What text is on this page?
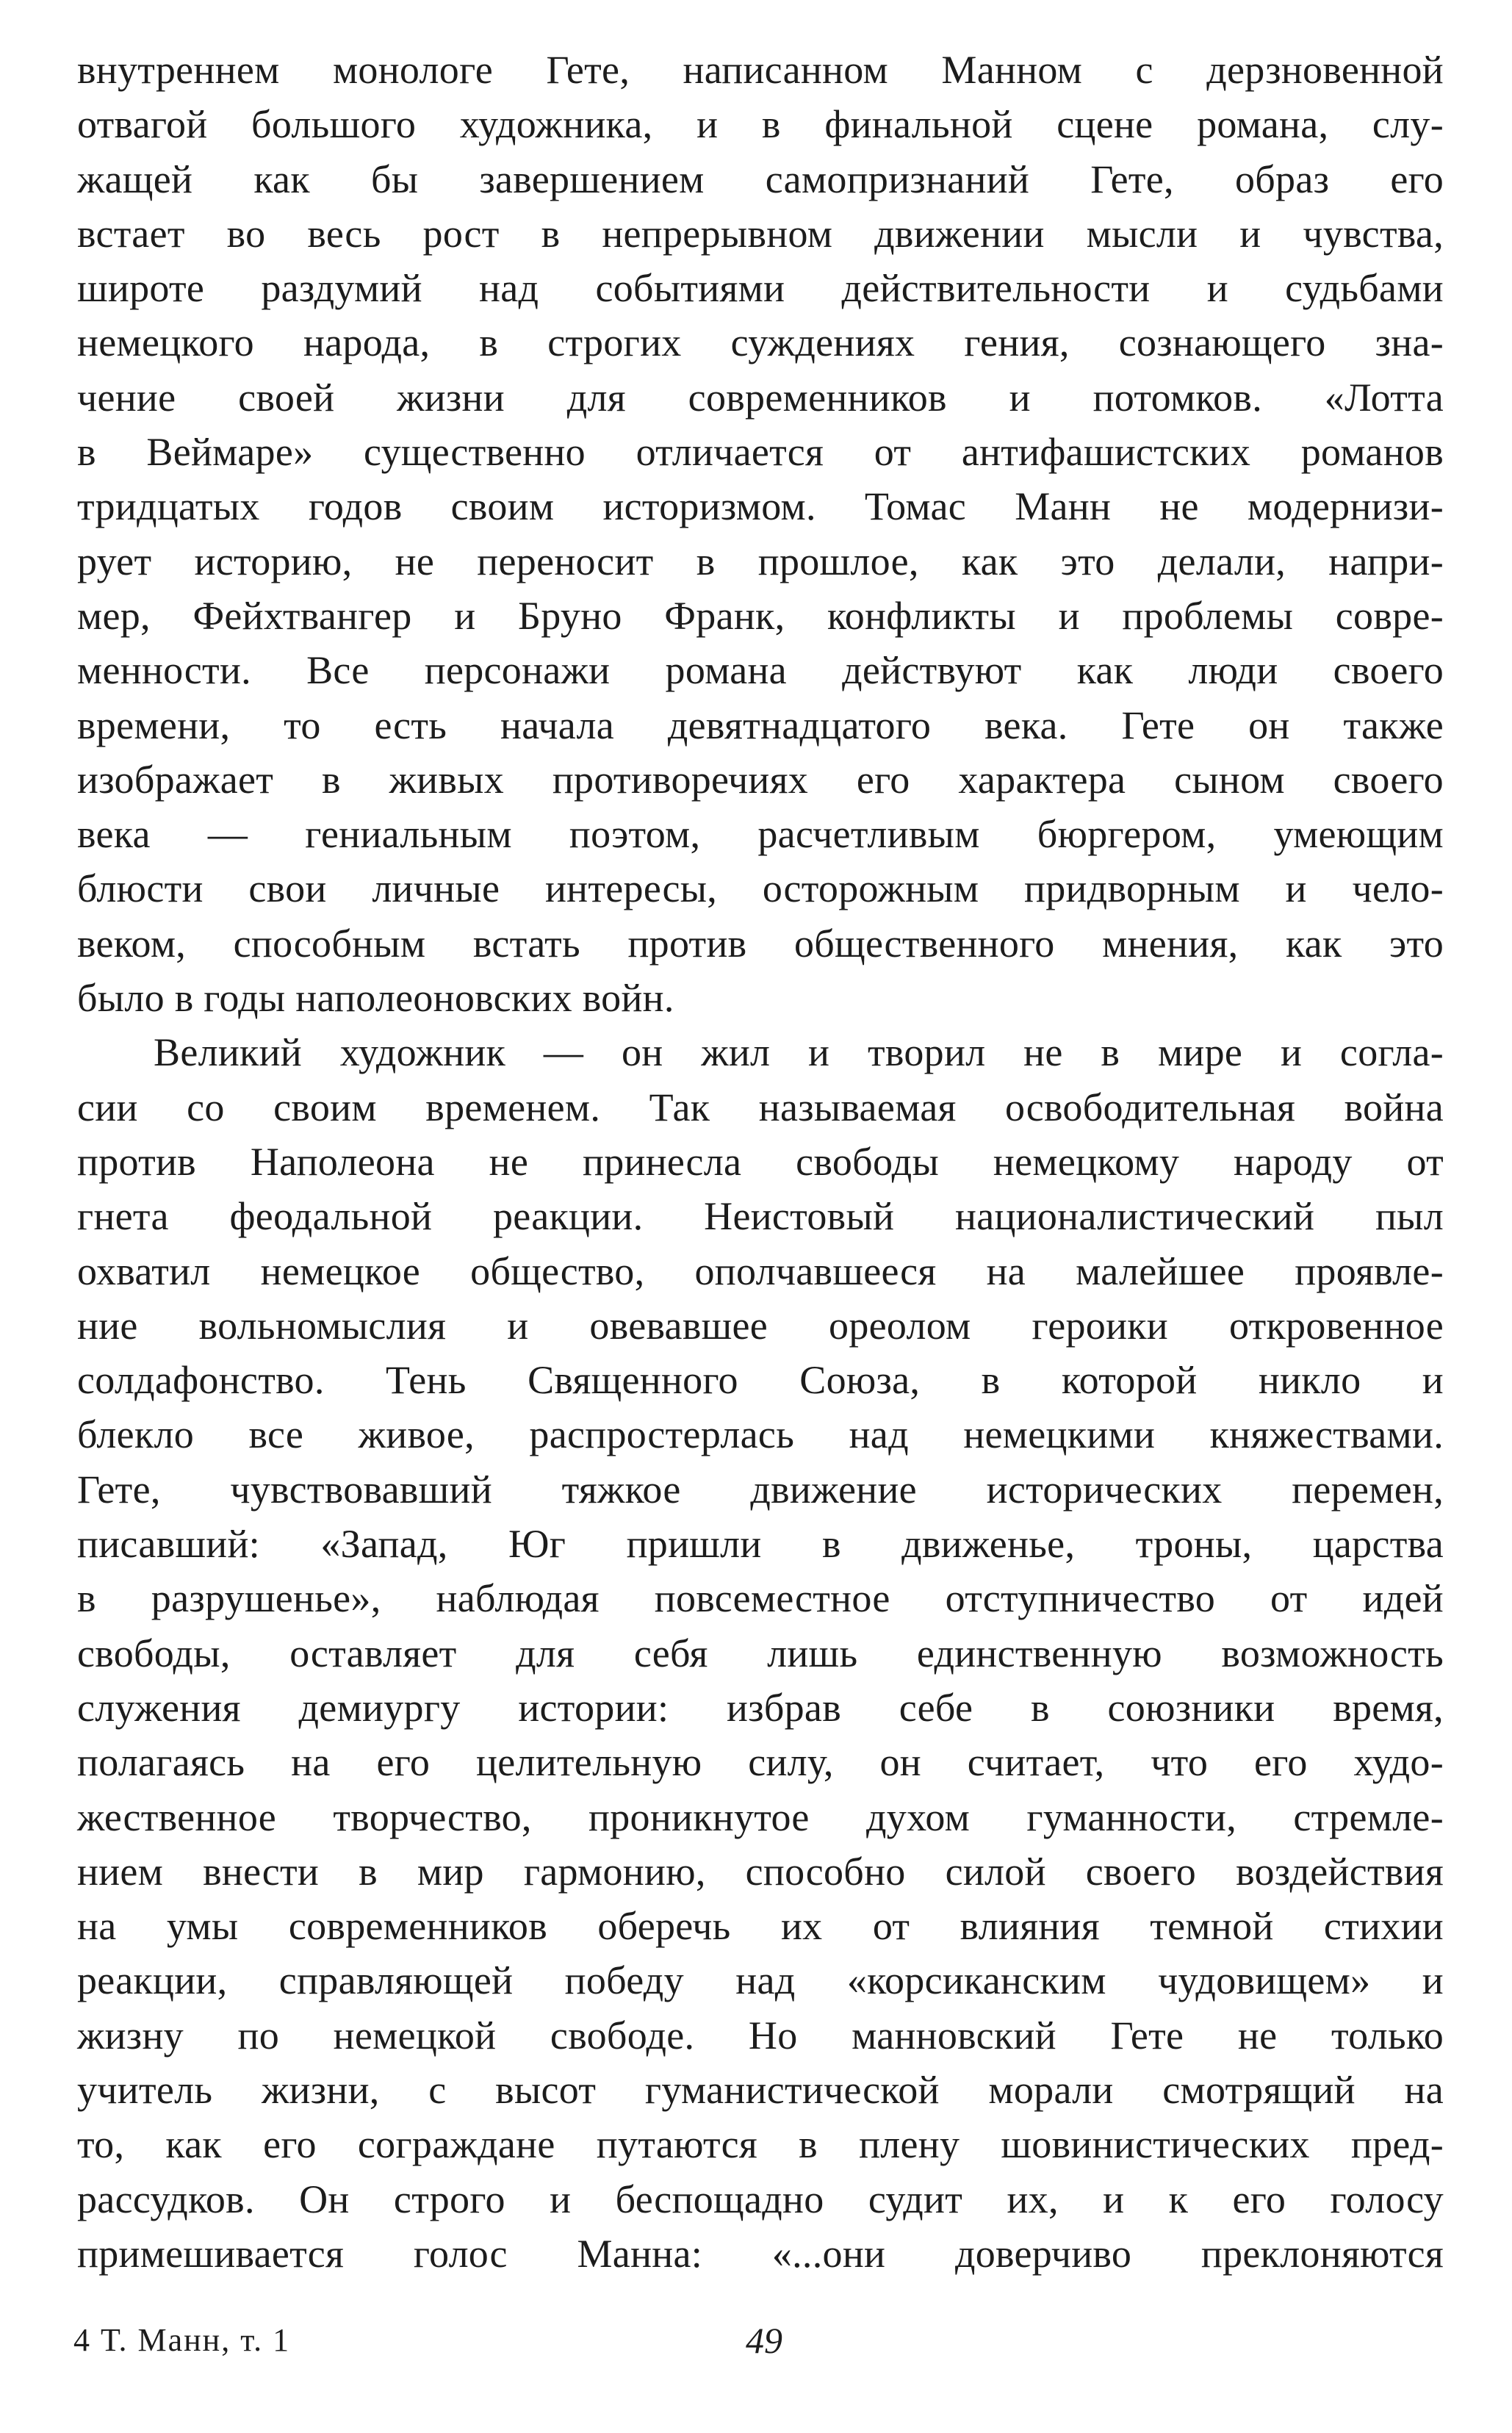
внутреннем монологе Гете, написанном Манном с дерзновенной
отвагой большого художника, и в финальной сцене романа, слу-
жащей как бы завершением самопризнаний Гете, образ его
встает во весь рост в непрерывном движении мысли и чувства,
широте раздумий над событиями действительности и судьбами
немецкого народа, в строгих суждениях гения, сознающего зна-
чение своей жизни для современников и потомков. «Лотта
в Веймаре» существенно отличается от антифашистских романов
тридцатых годов своим историзмом. Томас Манн не модернизи-
рует историю, не переносит в прошлое, как это делали, напри-
мер, Фейхтвангер и Бруно Франк, конфликты и проблемы совре-
менности. Все персонажи романа действуют как люди своего
времени, то есть начала девятнадцатого века. Гете он также
изображает в живых противоречиях его характера сыном своего
века — гениальным поэтом, расчетливым бюргером, умеющим
блюсти свои личные интересы, осторожным придворным и чело-
веком, способным встать против общественного мнения, как это
было в годы наполеоновских войн.
Великий художник — он жил и творил не в мире и согла-
сии со своим временем. Так называемая освободительная война
против Наполеона не принесла свободы немецкому народу от
гнета феодальной реакции. Неистовый националистический пыл
охватил немецкое общество, ополчавшееся на малейшее проявле-
ние вольномыслия и овевавшее ореолом героики откровенное
солдафонство. Тень Священного Союза, в которой никло и
блекло все живое, распростерлась над немецкими княжествами.
Гете, чувствовавший тяжкое движение исторических перемен,
писавший: «Запад, Юг пришли в движенье, троны, царства
в разрушенье», наблюдая повсеместное отступничество от идей
свободы, оставляет для себя лишь единственную возможность
служения демиургу истории: избрав себе в союзники время,
полагаясь на его целительную силу, он считает, что его худо-
жественное творчество, проникнутое духом гуманности, стремле-
нием внести в мир гармонию, способно силой своего воздействия
на умы современников оберечь их от влияния темной стихии
реакции, справляющей победу над «корсиканским чудовищем» и
жизну по немецкой свободе. Но манновский Гете не только
учитель жизни, с высот гуманистической морали смотрящий на
то, как его сограждане путаются в плену шовинистических пред-
рассудков. Он строго и беспощадно судит их, и к его голосу
примешивается голос Манна: «...они доверчиво преклоняются
4 Т. Манн, т. 1	49
